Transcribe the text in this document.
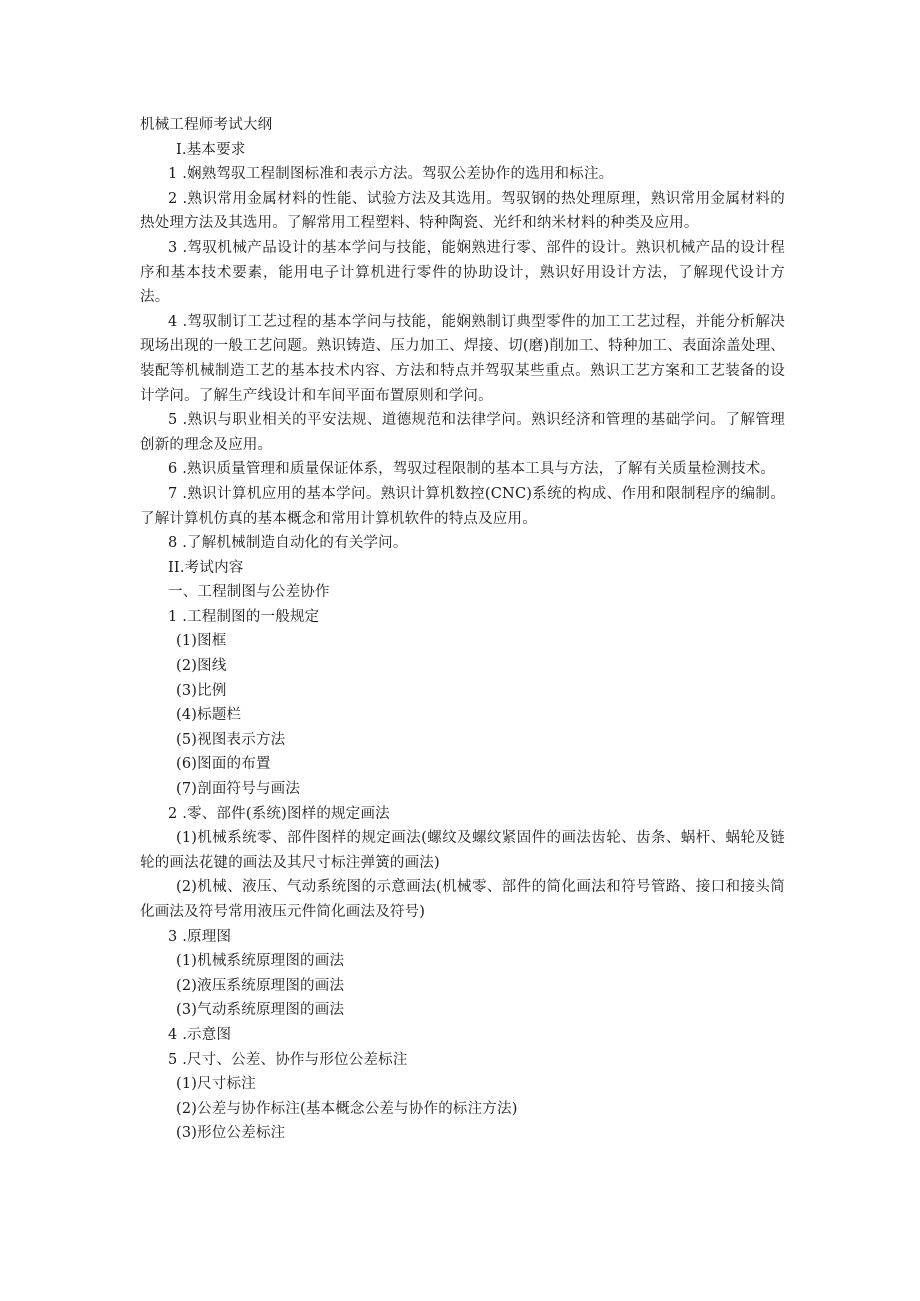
机械工程师考试大纲

I.基本要求

1 .娴熟驾驭工程制图标准和表示方法。驾驭公差协作的选用和标注。

2 .熟识常用金属材料的性能、试验方法及其选用。驾驭钢的热处理原理，熟识常用金属材料的热处理方法及其选用。了解常用工程塑料、特种陶瓷、光纤和纳米材料的种类及应用。

3 .驾驭机械产品设计的基本学问与技能，能娴熟进行零、部件的设计。熟识机械产品的设计程序和基本技术要素，能用电子计算机进行零件的协助设计，熟识好用设计方法，了解现代设计方法。

4 .驾驭制订工艺过程的基本学问与技能，能娴熟制订典型零件的加工工艺过程，并能分析解决现场出现的一般工艺问题。熟识铸造、压力加工、焊接、切(磨)削加工、特种加工、表面涂盖处理、装配等机械制造工艺的基本技术内容、方法和特点并驾驭某些重点。熟识工艺方案和工艺装备的设计学问。了解生产线设计和车间平面布置原则和学问。

5 .熟识与职业相关的平安法规、道德规范和法律学问。熟识经济和管理的基础学问。了解管理创新的理念及应用。

6 .熟识质量管理和质量保证体系，驾驭过程限制的基本工具与方法，了解有关质量检测技术。

7 .熟识计算机应用的基本学问。熟识计算机数控(CNC)系统的构成、作用和限制程序的编制。了解计算机仿真的基本概念和常用计算机软件的特点及应用。

8 .了解机械制造自动化的有关学问。

II.考试内容

一、工程制图与公差协作

1 .工程制图的一般规定

(1)图框

(2)图线

(3)比例

(4)标题栏

(5)视图表示方法

(6)图面的布置

(7)剖面符号与画法

2 .零、部件(系统)图样的规定画法

(1)机械系统零、部件图样的规定画法(螺纹及螺纹紧固件的画法齿轮、齿条、蜗杆、蜗轮及链轮的画法花键的画法及其尺寸标注弹簧的画法)

(2)机械、液压、气动系统图的示意画法(机械零、部件的简化画法和符号管路、接口和接头简化画法及符号常用液压元件简化画法及符号)

3 .原理图

(1)机械系统原理图的画法

(2)液压系统原理图的画法

(3)气动系统原理图的画法

4 .示意图

5 .尺寸、公差、协作与形位公差标注

(1)尺寸标注

(2)公差与协作标注(基本概念公差与协作的标注方法)

(3)形位公差标注
